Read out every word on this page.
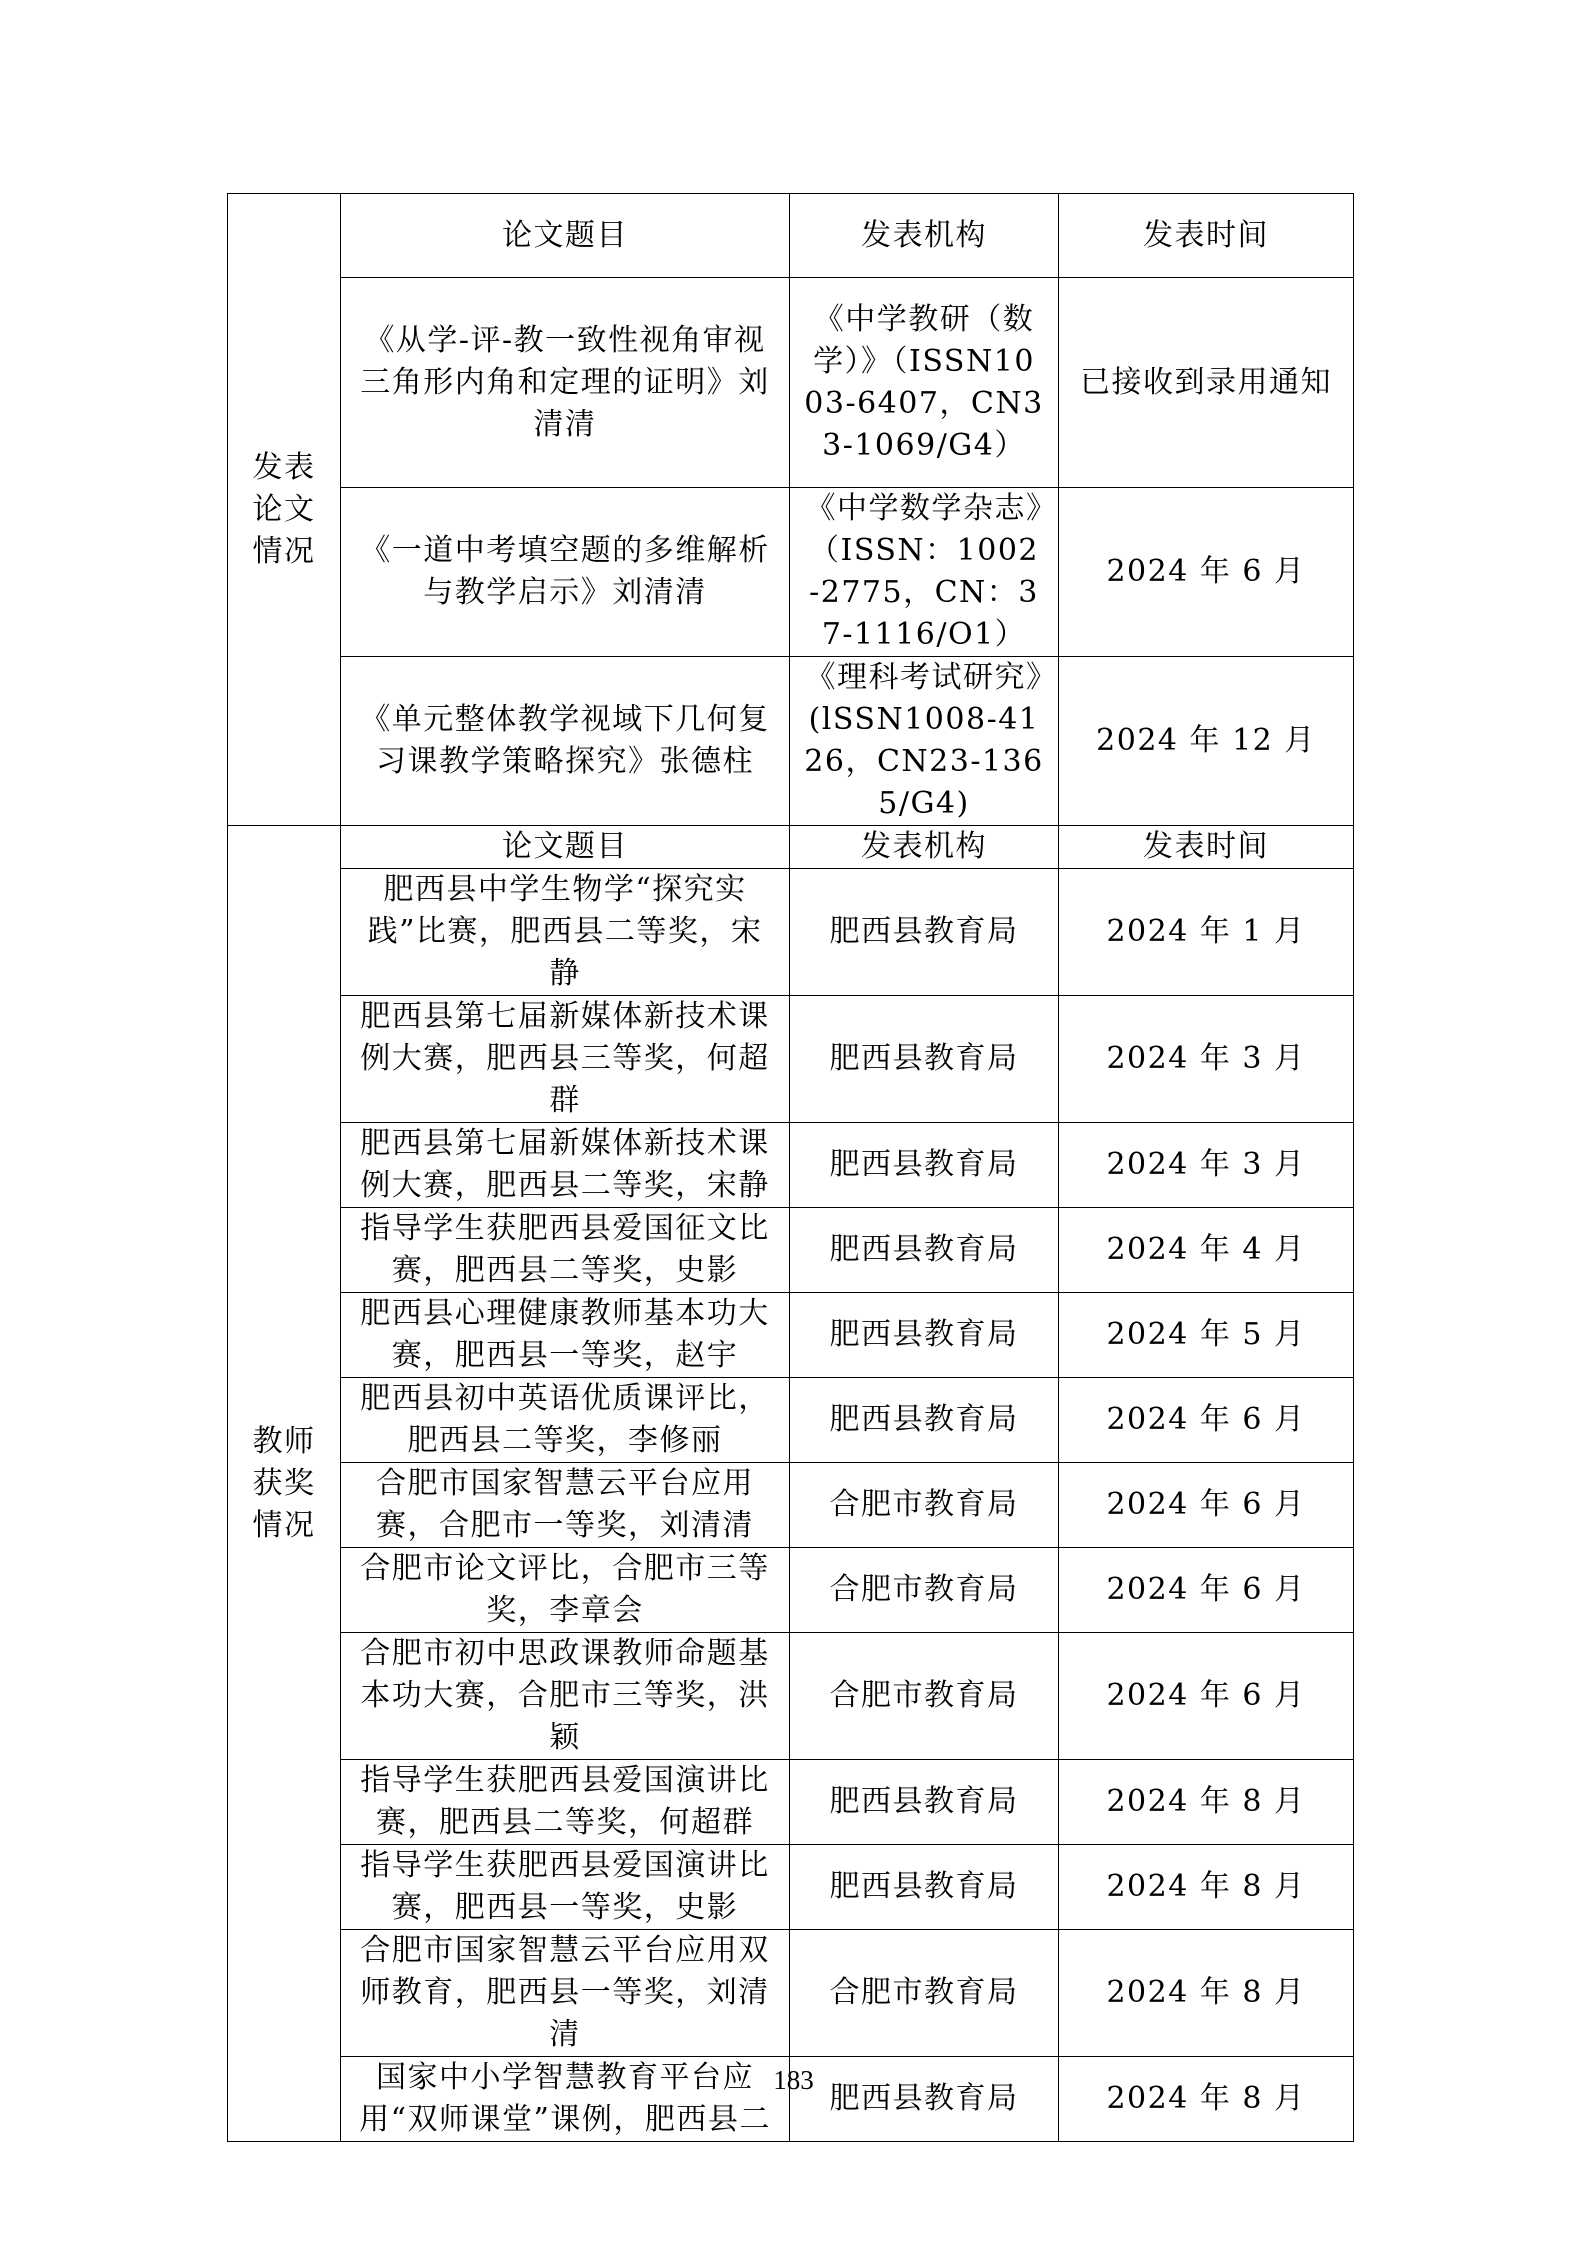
发表
论文
情况	论文题目	发表机构	发表时间
	《从学-评-教一致性视角审视三角形内角和定理的证明》刘清清	《中学教研（数学）》（ISSN1003-6407，CN33-1069/G4）	已接收到录用通知
	《一道中考填空题的多维解析与教学启示》刘清清	《中学数学杂志》（ISSN：1002-2775，CN：37-1116/O1）	2024 年 6 月
	《单元整体教学视域下几何复习课教学策略探究》张德柱	《理科考试研究》(lSSN1008-4126，CN23-1365/G4)	2024 年 12 月

教师
获奖
情况	论文题目	发表机构	发表时间
	肥西县中学生物学“探究实践”比赛，肥西县二等奖，宋静	肥西县教育局	2024 年 1 月
	肥西县第七届新媒体新技术课例大赛，肥西县三等奖，何超群	肥西县教育局	2024 年 3 月
	肥西县第七届新媒体新技术课例大赛，肥西县二等奖，宋静	肥西县教育局	2024 年 3 月
	指导学生获肥西县爱国征文比赛，肥西县二等奖，史影	肥西县教育局	2024 年 4 月
	肥西县心理健康教师基本功大赛，肥西县一等奖，赵宇	肥西县教育局	2024 年 5 月
	肥西县初中英语优质课评比，肥西县二等奖，李修丽	肥西县教育局	2024 年 6 月
	合肥市国家智慧云平台应用赛，合肥市一等奖，刘清清	合肥市教育局	2024 年 6 月
	合肥市论文评比，合肥市三等奖，李章会	合肥市教育局	2024 年 6 月
	合肥市初中思政课教师命题基本功大赛，合肥市三等奖，洪颖	合肥市教育局	2024 年 6 月
	指导学生获肥西县爱国演讲比赛，肥西县二等奖，何超群	肥西县教育局	2024 年 8 月
	指导学生获肥西县爱国演讲比赛，肥西县一等奖，史影	肥西县教育局	2024 年 8 月
	合肥市国家智慧云平台应用双师教育，肥西县一等奖，刘清清	合肥市教育局	2024 年 8 月
	国家中小学智慧教育平台应用“双师课堂”课例，肥西县二	肥西县教育局	2024 年 8 月
183
